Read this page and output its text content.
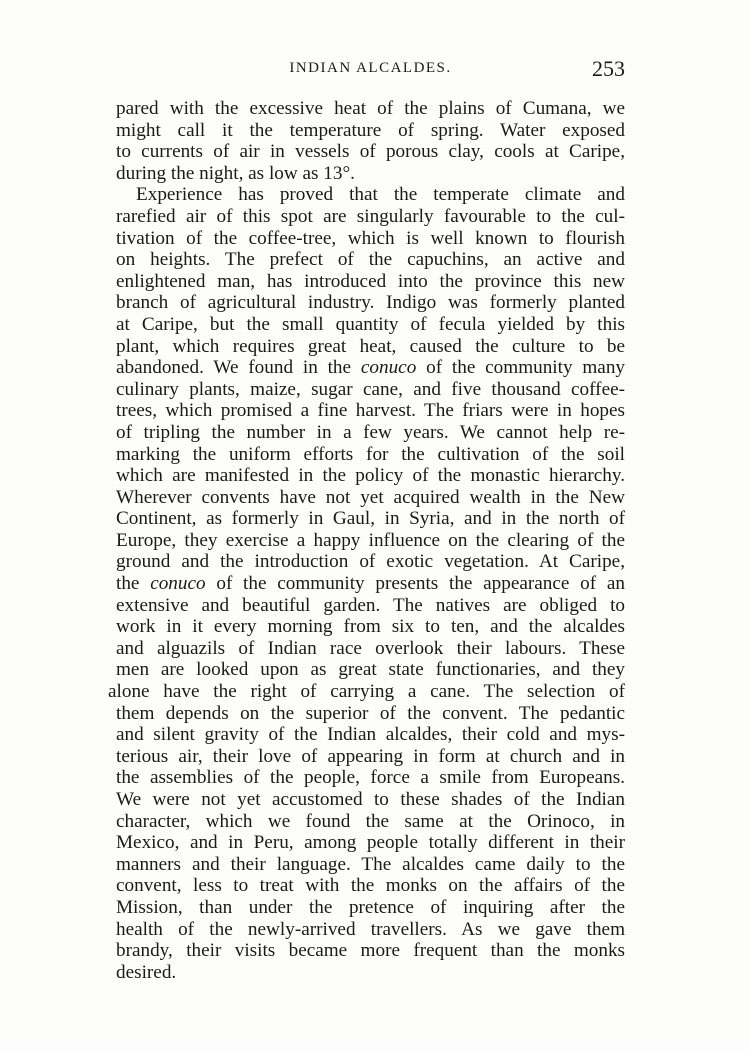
INDIAN ALCALDES.	253
pared with the excessive heat of the plains of Cumana, we
might call it the temperature of spring. Water exposed
to currents of air in vessels of porous clay, cools at Caripe,
during the night, as low as 13°.
Experience has proved that the temperate climate and
rarefied air of this spot are singularly favourable to the cul-
tivation of the coffee-tree, which is well known to flourish
on heights. The prefect of the capuchins, an active and
enlightened man, has introduced into the province this new
branch of agricultural industry. Indigo was formerly planted
at Caripe, but the small quantity of fecula yielded by this
plant, which requires great heat, caused the culture to be
abandoned. We found in the conuco of the community many
culinary plants, maize, sugar cane, and five thousand coffee-
trees, which promised a fine harvest. The friars were in hopes
of tripling the number in a few years. We cannot help re-
marking the uniform efforts for the cultivation of the soil
which are manifested in the policy of the monastic hierarchy.
Wherever convents have not yet acquired wealth in the New
Continent, as formerly in Gaul, in Syria, and in the north of
Europe, they exercise a happy influence on the clearing of the
ground and the introduction of exotic vegetation. At Caripe,
the conuco of the community presents the appearance of an
extensive and beautiful garden. The natives are obliged to
work in it every morning from six to ten, and the alcaldes
and alguazils of Indian race overlook their labours. These
men are looked upon as great state functionaries, and they
alone have the right of carrying a cane. The selection of
them depends on the superior of the convent. The pedantic
and silent gravity of the Indian alcaldes, their cold and mys-
terious air, their love of appearing in form at church and in
the assemblies of the people, force a smile from Europeans.
We were not yet accustomed to these shades of the Indian
character, which we found the same at the Orinoco, in
Mexico, and in Peru, among people totally different in their
manners and their language. The alcaldes came daily to the
convent, less to treat with the monks on the affairs of the
Mission, than under the pretence of inquiring after the
health of the newly-arrived travellers. As we gave them
brandy, their visits became more frequent than the monks
desired.
